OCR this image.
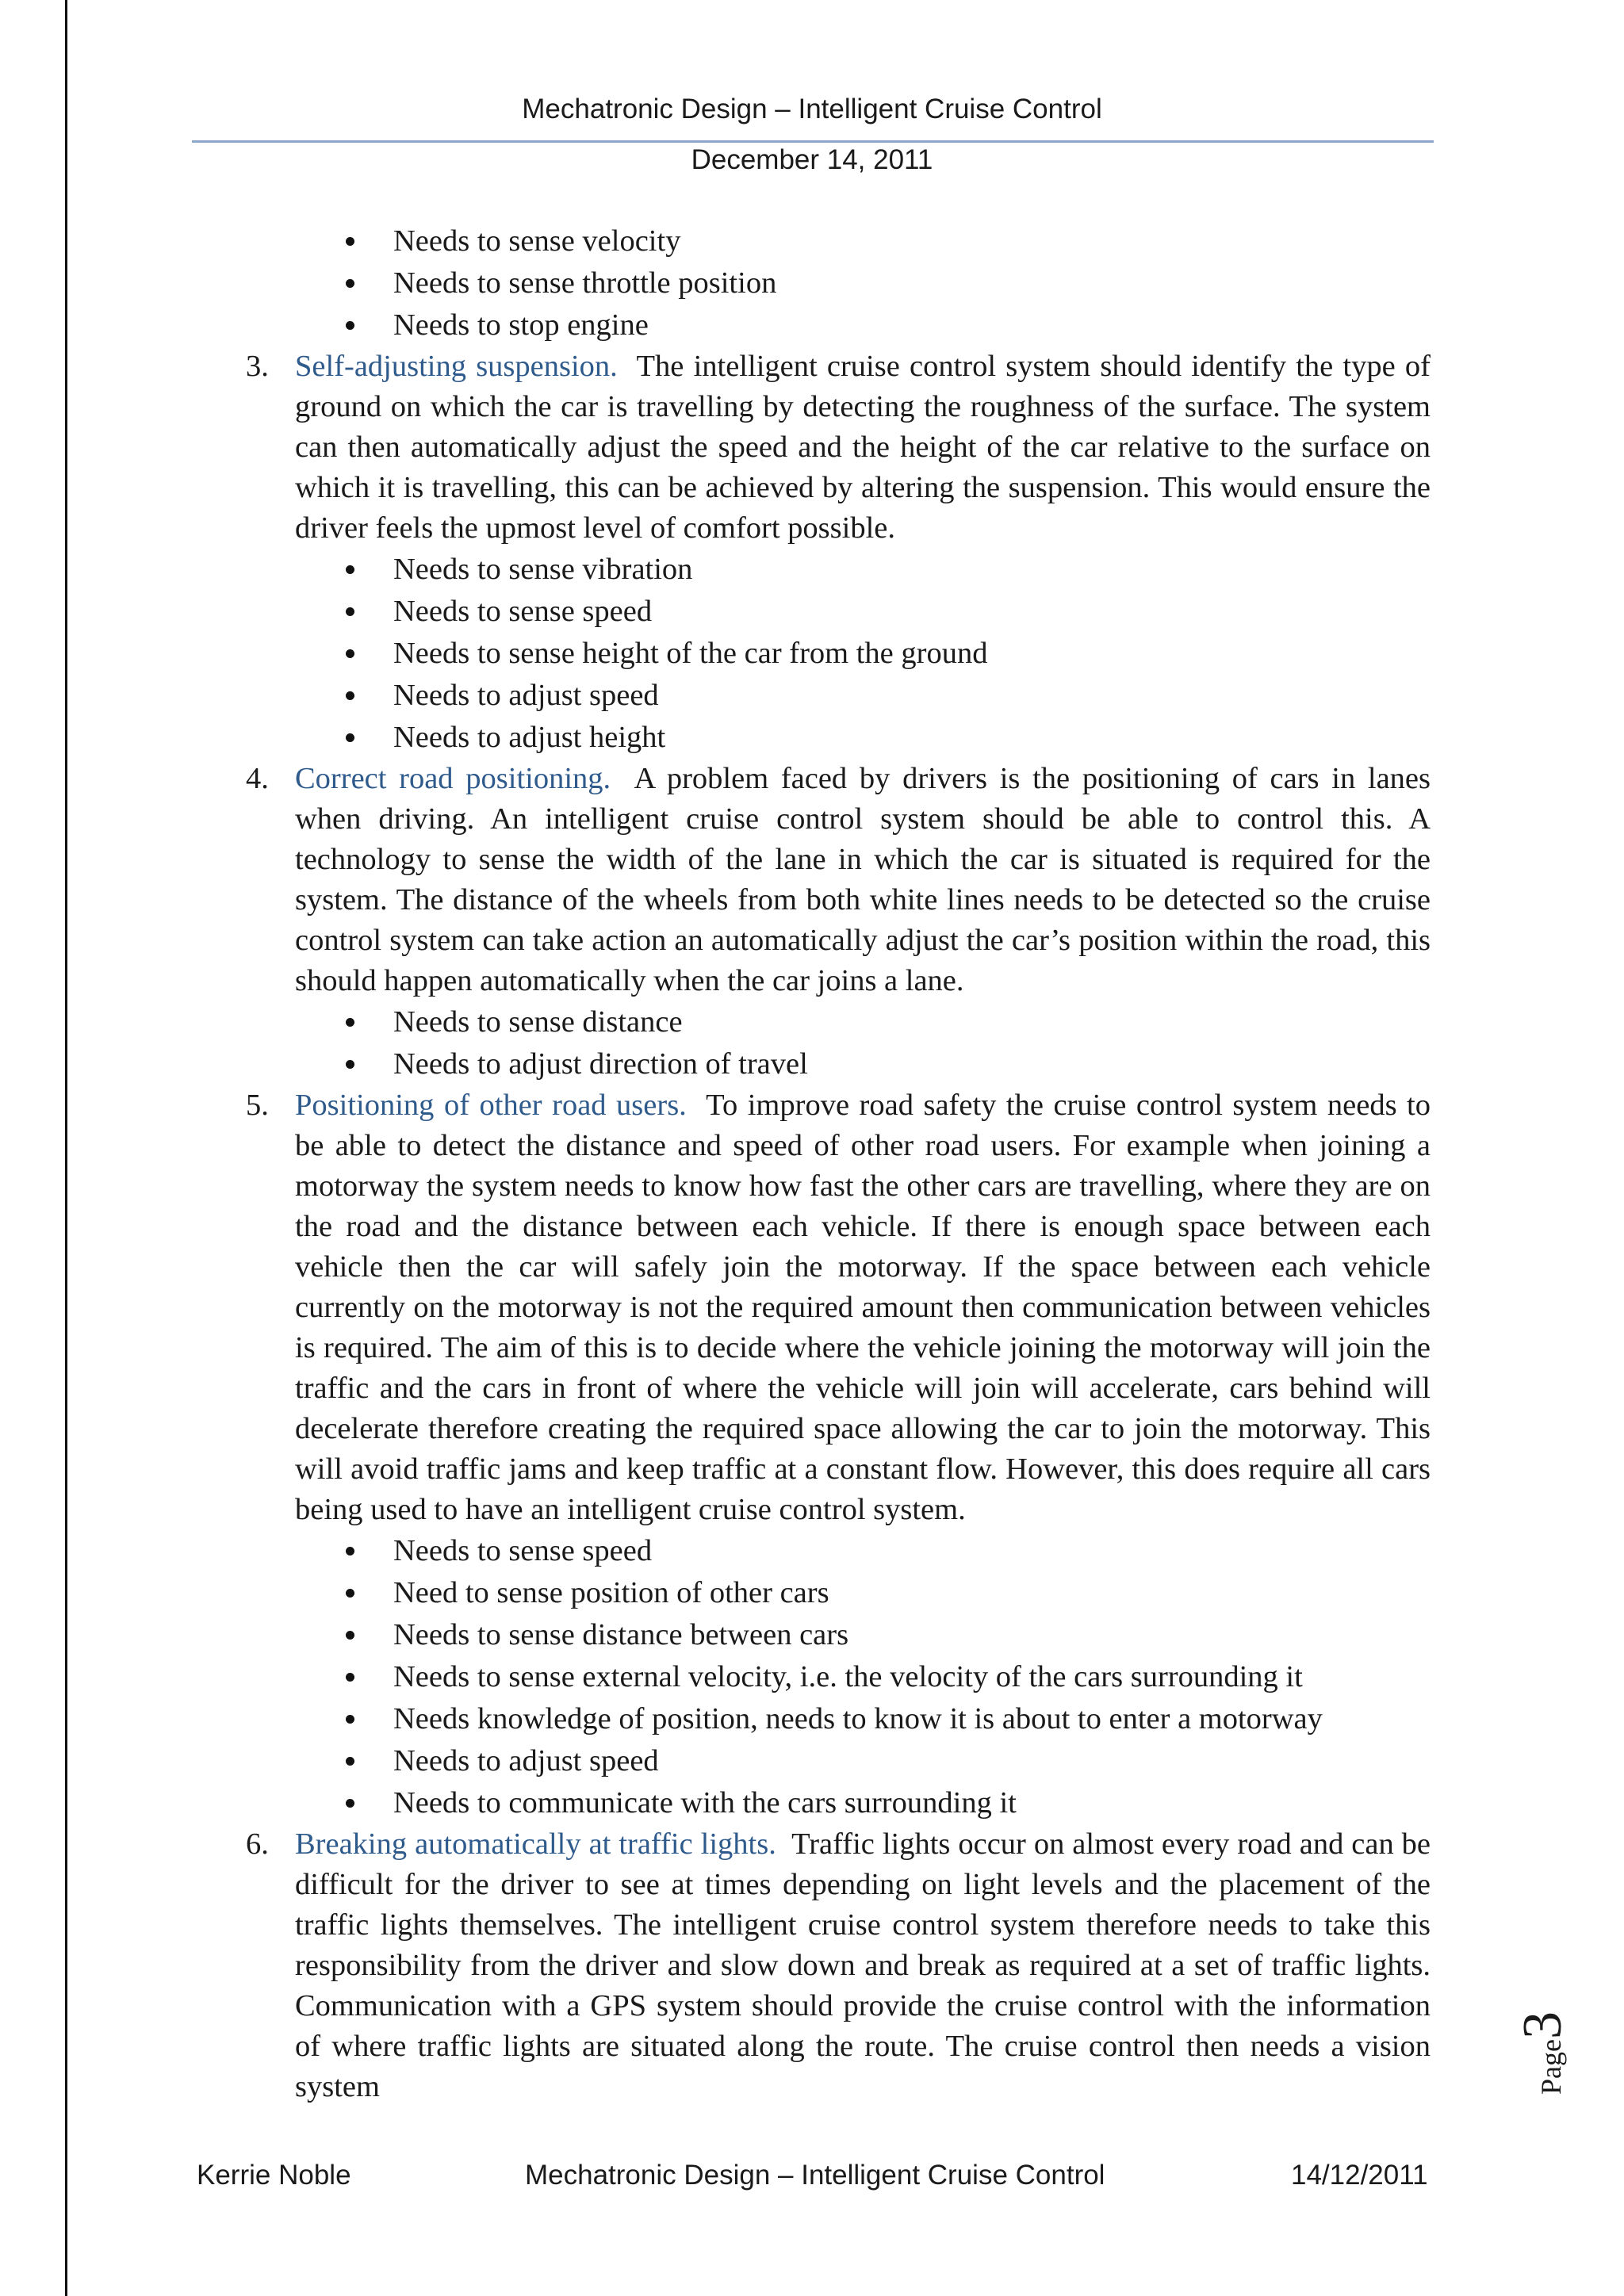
Mechatronic Design – Intelligent Cruise Control
December 14, 2011
Needs to sense velocity
Needs to sense throttle position
Needs to stop engine
3. Self-adjusting suspension. The intelligent cruise control system should identify the type of ground on which the car is travelling by detecting the roughness of the surface. The system can then automatically adjust the speed and the height of the car relative to the surface on which it is travelling, this can be achieved by altering the suspension. This would ensure the driver feels the upmost level of comfort possible.
Needs to sense vibration
Needs to sense speed
Needs to sense height of the car from the ground
Needs to adjust speed
Needs to adjust height
4. Correct road positioning. A problem faced by drivers is the positioning of cars in lanes when driving. An intelligent cruise control system should be able to control this. A technology to sense the width of the lane in which the car is situated is required for the system. The distance of the wheels from both white lines needs to be detected so the cruise control system can take action an automatically adjust the car’s position within the road, this should happen automatically when the car joins a lane.
Needs to sense distance
Needs to adjust direction of travel
5. Positioning of other road users. To improve road safety the cruise control system needs to be able to detect the distance and speed of other road users. For example when joining a motorway the system needs to know how fast the other cars are travelling, where they are on the road and the distance between each vehicle. If there is enough space between each vehicle then the car will safely join the motorway. If the space between each vehicle currently on the motorway is not the required amount then communication between vehicles is required. The aim of this is to decide where the vehicle joining the motorway will join the traffic and the cars in front of where the vehicle will join will accelerate, cars behind will decelerate therefore creating the required space allowing the car to join the motorway. This will avoid traffic jams and keep traffic at a constant flow. However, this does require all cars being used to have an intelligent cruise control system.
Needs to sense speed
Need to sense position of other cars
Needs to sense distance between cars
Needs to sense external velocity, i.e. the velocity of the cars surrounding it
Needs knowledge of position, needs to know it is about to enter a motorway
Needs to adjust speed
Needs to communicate with the cars surrounding it
6. Breaking automatically at traffic lights. Traffic lights occur on almost every road and can be difficult for the driver to see at times depending on light levels and the placement of the traffic lights themselves. The intelligent cruise control system therefore needs to take this responsibility from the driver and slow down and break as required at a set of traffic lights. Communication with a GPS system should provide the cruise control with the information of where traffic lights are situated along the route. The cruise control then needs a vision system	Page3
Kerrie Noble	Mechatronic Design – Intelligent Cruise Control	14/12/2011
